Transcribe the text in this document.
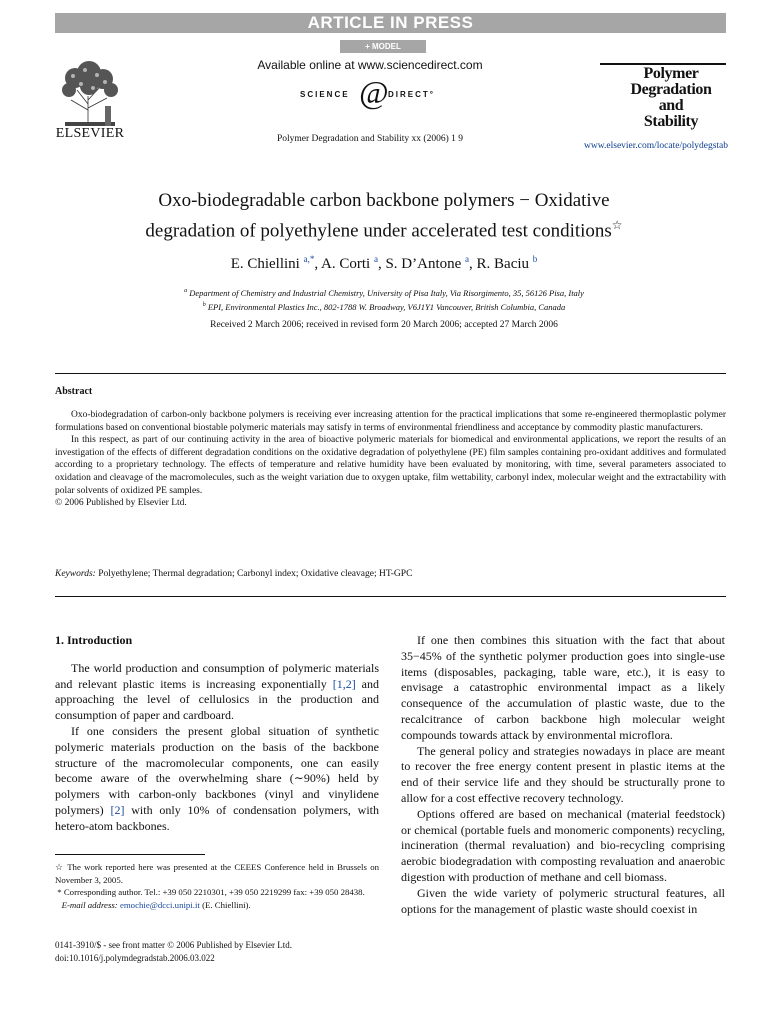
ARTICLE IN PRESS
+ MODEL
ELSEVIER
Available online at www.sciencedirect.com
SCIENCE @ DIRECT°
Polymer Degradation and Stability xx (2006) 1 9
Polymer
Degradation
and
Stability
www.elsevier.com/locate/polydegstab
Oxo-biodegradable carbon backbone polymers − Oxidative
degradation of polyethylene under accelerated test conditions☆
E. Chiellini $^{a,*}$, A. Corti $^a$, S. D’Antone $^a$, R. Baciu $^b$
$^a$ Department of Chemistry and Industrial Chemistry, University of Pisa Italy, Via Risorgimento, 35, 56126 Pisa, Italy
$^b$ EPI, Environmental Plastics Inc., 802-1788 W. Broadway, V6J1Y1 Vancouver, British Columbia, Canada
Received 2 March 2006; received in revised form 20 March 2006; accepted 27 March 2006
Abstract

Oxo-biodegradation of carbon-only backbone polymers is receiving ever increasing attention for the practical implications that some re-engineered thermoplastic polymer formulations based on conventional biostable polymeric materials may satisfy in terms of environmental friendliness and acceptance by commodity plastic manufacturers.

In this respect, as part of our continuing activity in the area of bioactive polymeric materials for biomedical and environmental applications, we report the results of an investigation of the effects of different degradation conditions on the oxidative degradation of polyethylene (PE) film samples containing pro-oxidant additives and formulated according to a proprietary technology. The effects of temperature and relative humidity have been evaluated by monitoring, with time, several parameters associated to oxidation and cleavage of the macromolecules, such as the weight variation due to oxygen uptake, film wettability, carbonyl index, molecular weight and the extractability with polar solvents of oxidized PE samples.

© 2006 Published by Elsevier Ltd.

Keywords: Polyethylene; Thermal degradation; Carbonyl index; Oxidative cleavage; HT-GPC
1. Introduction

The world production and consumption of polymeric materials and relevant plastic items is increasing exponentially [1,2] and approaching the level of cellulosics in the production and consumption of paper and cardboard.

If one considers the present global situation of synthetic polymeric materials production on the basis of the backbone structure of the macromolecular components, one can easily become aware of the overwhelming share (∼90%) held by polymers with carbon-only backbones (vinyl and vinylidene polymers) [2] with only 10% of condensation polymers, with hetero-atom backbones.

If one then combines this situation with the fact that about 35−45% of the synthetic polymer production goes into single-use items (disposables, packaging, table ware, etc.), it is easy to envisage a catastrophic environmental impact as a likely consequence of the accumulation of plastic waste, due to the recalcitrance of carbon backbone high molecular weight compounds towards attack by environmental microflora.

The general policy and strategies nowadays in place are meant to recover the free energy content present in plastic items at the end of their service life and they should be structurally prone to allow for a cost effective recovery technology.

Options offered are based on mechanical (material feedstock) or chemical (portable fuels and monomeric components) recycling, incineration (thermal revaluation) and bio-recycling comprising aerobic biodegradation with composting revaluation and anaerobic digestion with production of methane and cell biomass.

Given the wide variety of polymeric structural features, all options for the management of plastic waste should coexist in

☆ The work reported here was presented at the CEEES Conference held in Brussels on November 3, 2005.

* Corresponding author. Tel.: +39 050 2210301, +39 050 2219299 fax: +39 050 28438.

E-mail address: emochie@dcci.unipi.it (E. Chiellini).

0141-3910/$ - see front matter © 2006 Published by Elsevier Ltd.
doi:10.1016/j.polymdegradstab.2006.03.022
